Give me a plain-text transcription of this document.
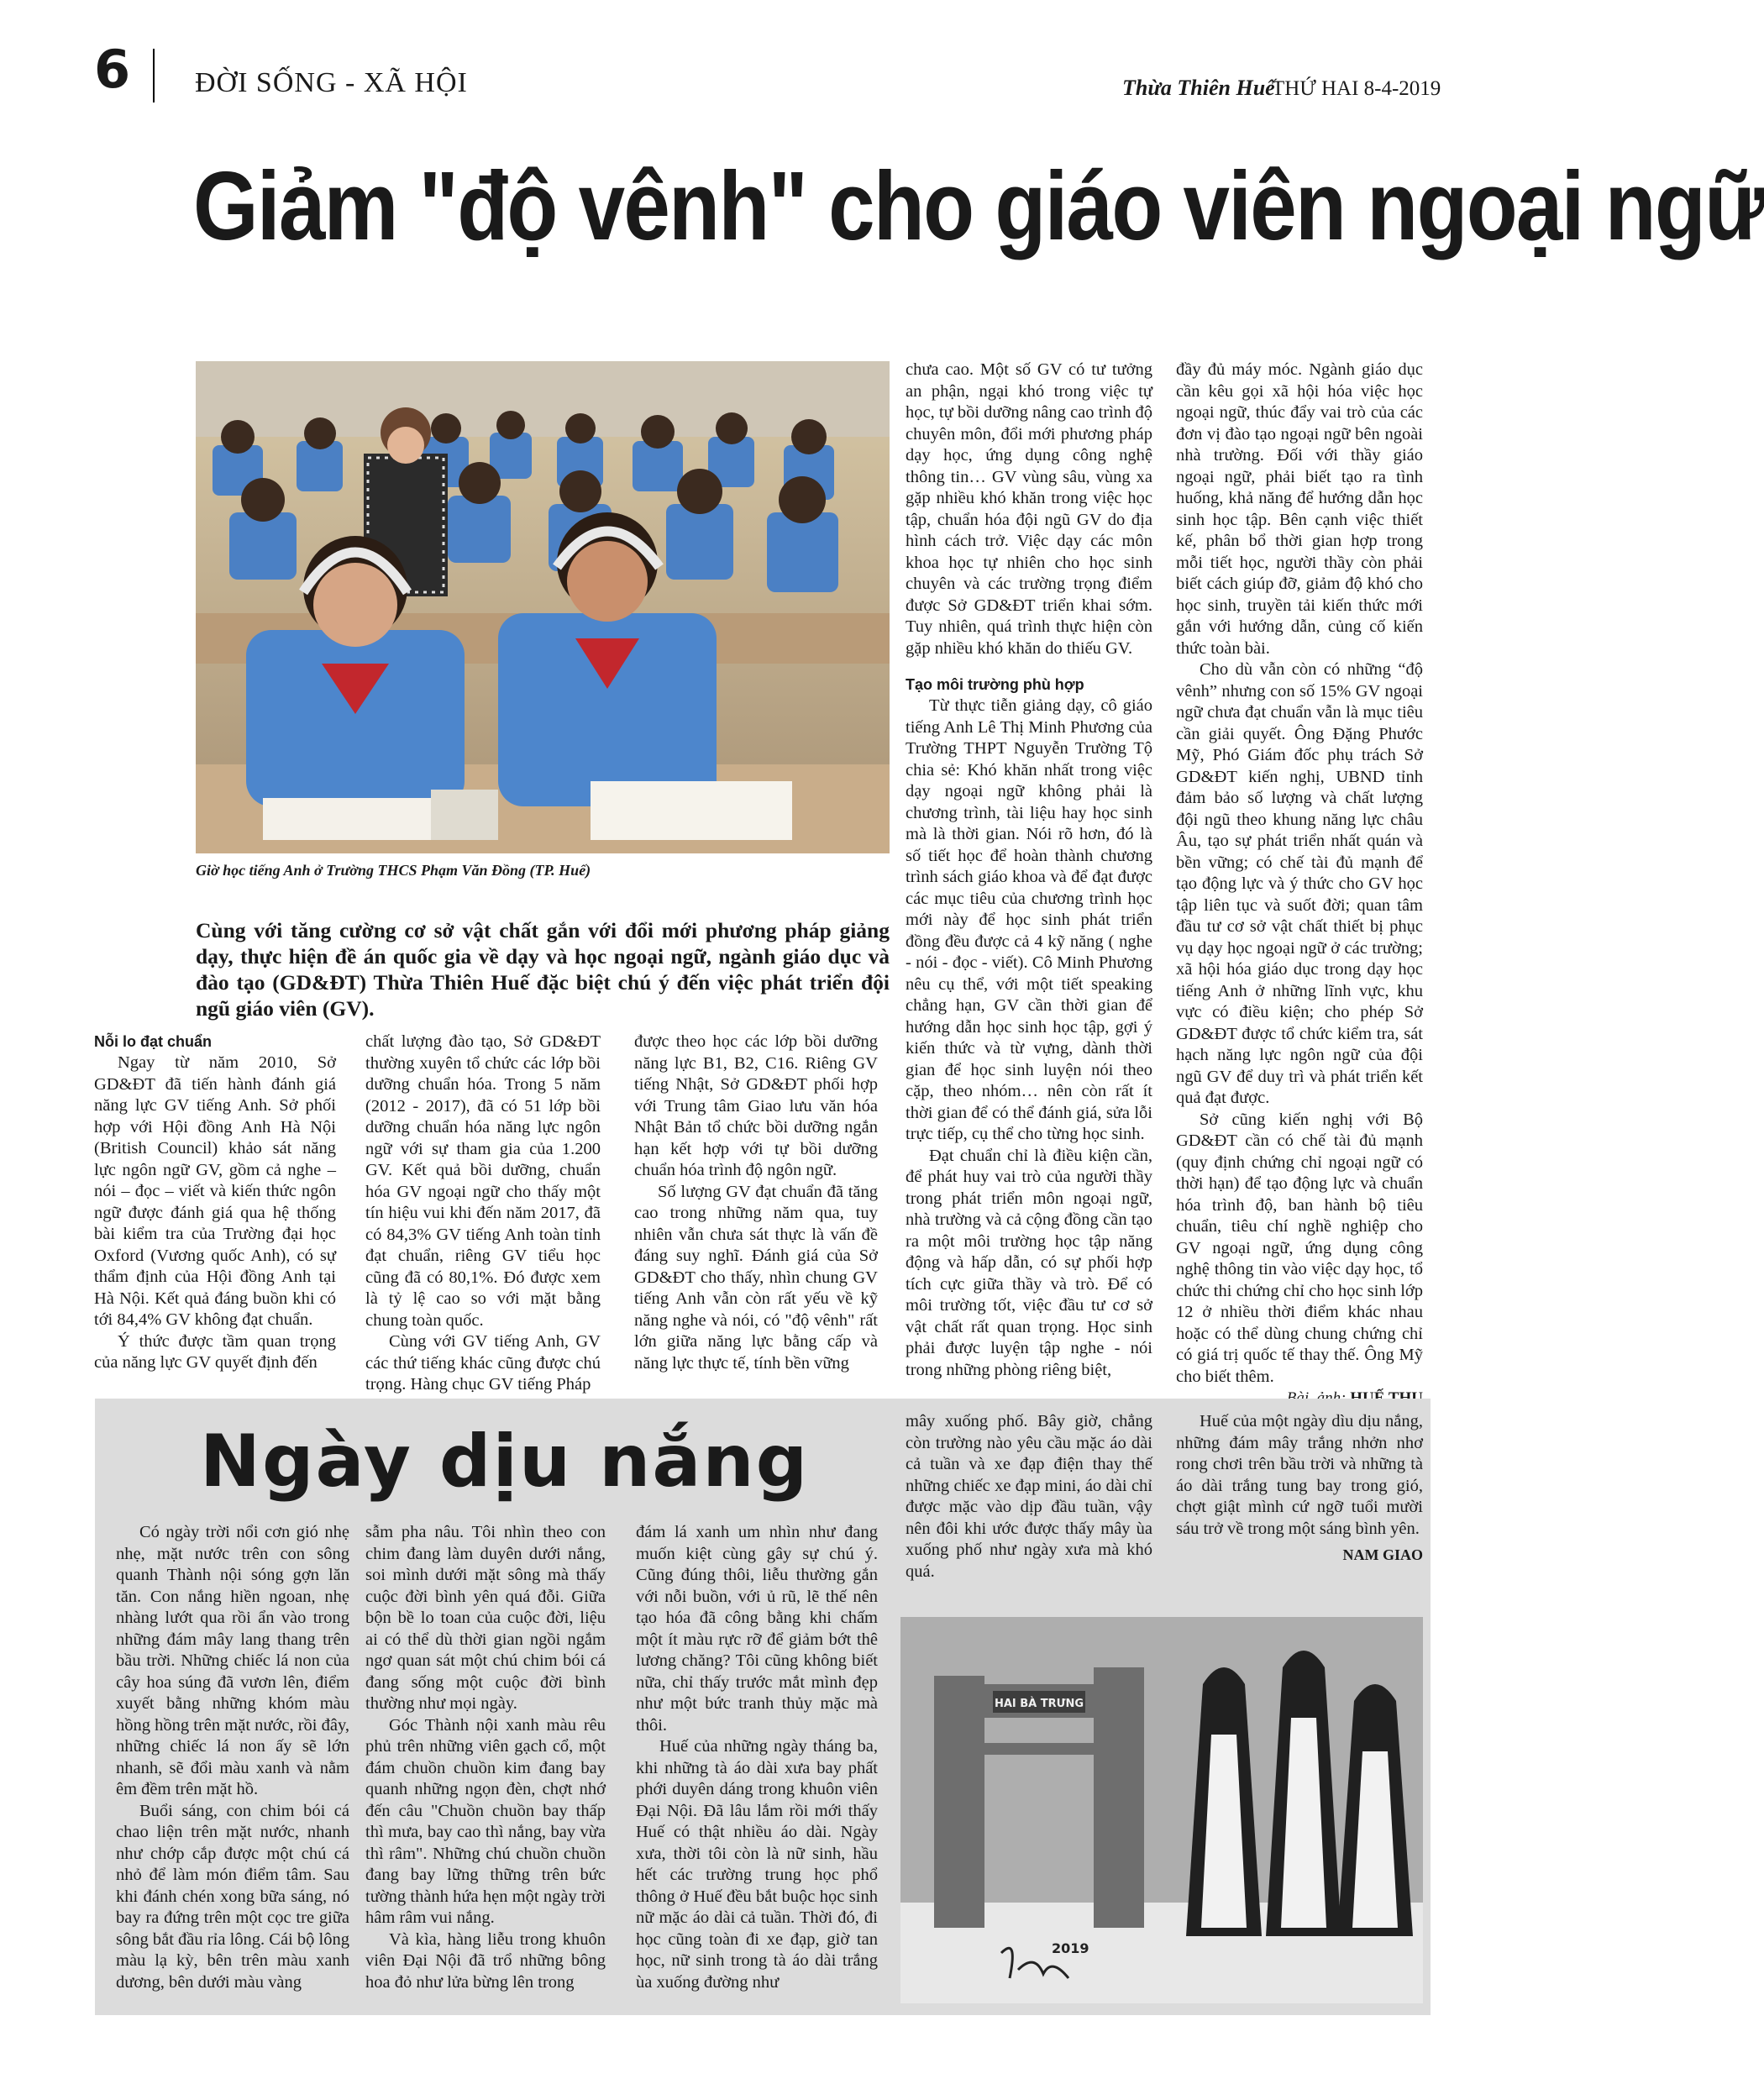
6 ĐỜI SỐNG - XÃ HỘI	Thừa Thiên Huế
THỨ HAI 8-4-2019
Giảm "độ vênh" cho giáo viên ngoại ngữ
Giờ học tiếng Anh ở Trường THCS Phạm Văn Đồng (TP. Huế)
Cùng với tăng cường cơ sở vật chất gắn với đổi mới phương pháp giảng dạy, thực hiện đề án quốc gia về dạy và học ngoại ngữ, ngành giáo dục và đào tạo (GD&ĐT) Thừa Thiên Huế đặc biệt chú ý đến việc phát triển đội ngũ giáo viên (GV).
Nỗi lo đạt chuẩn

Ngay từ năm 2010, Sở GD&ĐT đã tiến hành đánh giá năng lực GV tiếng Anh. Sở phối hợp với Hội đồng Anh Hà Nội (British Council) khảo sát năng lực ngôn ngữ GV, gồm cả nghe – nói – đọc – viết và kiến thức ngôn ngữ được đánh giá qua hệ thống bài kiểm tra của Trường đại học Oxford (Vương quốc Anh), có sự thẩm định của Hội đồng Anh tại Hà Nội. Kết quả đáng buồn khi có tới 84,4% GV không đạt chuẩn.

Ý thức được tầm quan trọng của năng lực GV quyết định đến

chất lượng đào tạo, Sở GD&ĐT thường xuyên tổ chức các lớp bồi dưỡng chuẩn hóa. Trong 5 năm (2012 - 2017), đã có 51 lớp bồi dưỡng chuẩn hóa năng lực ngôn ngữ với sự tham gia của 1.200 GV. Kết quả bồi dưỡng, chuẩn hóa GV ngoại ngữ cho thấy một tín hiệu vui khi đến năm 2017, đã có 84,3% GV tiếng Anh toàn tỉnh đạt chuẩn, riêng GV tiểu học cũng đã có 80,1%. Đó được xem là tỷ lệ cao so với mặt bằng chung toàn quốc.

Cùng với GV tiếng Anh, GV các thứ tiếng khác cũng được chú trọng. Hàng chục GV tiếng Pháp

được theo học các lớp bồi dưỡng năng lực B1, B2, C16. Riêng GV tiếng Nhật, Sở GD&ĐT phối hợp với Trung tâm Giao lưu văn hóa Nhật Bản tổ chức bồi dưỡng ngắn hạn kết hợp với tự bồi dưỡng chuẩn hóa trình độ ngôn ngữ.

Số lượng GV đạt chuẩn đã tăng cao trong những năm qua, tuy nhiên vẫn chưa sát thực là vấn đề đáng suy nghĩ. Đánh giá của Sở GD&ĐT cho thấy, nhìn chung GV tiếng Anh vẫn còn rất yếu về kỹ năng nghe và nói, có "độ vênh" rất lớn giữa năng lực bằng cấp và năng lực thực tế, tính bền vững

chưa cao. Một số GV có tư tưởng an phận, ngại khó trong việc tự học, tự bồi dưỡng nâng cao trình độ chuyên môn, đổi mới phương pháp dạy học, ứng dụng công nghệ thông tin… GV vùng sâu, vùng xa gặp nhiều khó khăn trong việc học tập, chuẩn hóa đội ngũ GV do địa hình cách trở. Việc dạy các môn khoa học tự nhiên cho học sinh chuyên và các trường trọng điểm được Sở GD&ĐT triển khai sớm. Tuy nhiên, quá trình thực hiện còn gặp nhiều khó khăn do thiếu GV.

Tạo môi trường phù hợp

Từ thực tiễn giảng dạy, cô giáo tiếng Anh Lê Thị Minh Phương của Trường THPT Nguyễn Trường Tộ chia sẻ: Khó khăn nhất trong việc dạy ngoại ngữ không phải là chương trình, tài liệu hay học sinh mà là thời gian. Nói rõ hơn, đó là số tiết học để hoàn thành chương trình sách giáo khoa và để đạt được các mục tiêu của chương trình học mới này để học sinh phát triển đồng đều được cả 4 kỹ năng ( nghe - nói - đọc - viết). Cô Minh Phương nêu cụ thể, với một tiết speaking chẳng hạn, GV cần thời gian để hướng dẫn học sinh học tập, gợi ý kiến thức và từ vựng, dành thời gian để học sinh luyện nói theo cặp, theo nhóm… nên còn rất ít thời gian để có thể đánh giá, sửa lỗi trực tiếp, cụ thể cho từng học sinh.

Đạt chuẩn chỉ là điều kiện cần, để phát huy vai trò của người thầy trong phát triển môn ngoại ngữ, nhà trường và cả cộng đồng cần tạo ra một môi trường học tập năng động và hấp dẫn, có sự phối hợp tích cực giữa thầy và trò. Để có môi trường tốt, việc đầu tư cơ sở vật chất rất quan trọng. Học sinh phải được luyện tập nghe - nói trong những phòng riêng biệt,

đầy đủ máy móc. Ngành giáo dục cần kêu gọi xã hội hóa việc học ngoại ngữ, thúc đẩy vai trò của các đơn vị đào tạo ngoại ngữ bên ngoài nhà trường. Đối với thầy giáo ngoại ngữ, phải biết tạo ra tình huống, khả năng để hướng dẫn học sinh học tập. Bên cạnh việc thiết kế, phân bổ thời gian hợp trong mỗi tiết học, người thầy còn phải biết cách giúp đỡ, giảm độ khó cho học sinh, truyền tải kiến thức mới gắn với hướng dẫn, củng cố kiến thức toàn bài.

Cho dù vẫn còn có những “độ vênh” nhưng con số 15% GV ngoại ngữ chưa đạt chuẩn vẫn là mục tiêu cần giải quyết. Ông Đặng Phước Mỹ, Phó Giám đốc phụ trách Sở GD&ĐT kiến nghị, UBND tỉnh đảm bảo số lượng và chất lượng đội ngũ theo khung năng lực châu Âu, tạo sự phát triển nhất quán và bền vững; có chế tài đủ mạnh để tạo động lực và ý thức cho GV học tập liên tục và suốt đời; quan tâm đầu tư cơ sở vật chất thiết bị phục vụ dạy học ngoại ngữ ở các trường; xã hội hóa giáo dục trong dạy học tiếng Anh ở những lĩnh vực, khu vực có điều kiện; cho phép Sở GD&ĐT được tổ chức kiểm tra, sát hạch năng lực ngôn ngữ của đội ngũ GV để duy trì và phát triển kết quả đạt được.

Sở cũng kiến nghị với Bộ GD&ĐT cần có chế tài đủ mạnh (quy định chứng chỉ ngoại ngữ có thời hạn) để tạo động lực và chuẩn hóa trình độ, ban hành bộ tiêu chuẩn, tiêu chí nghề nghiệp cho GV ngoại ngữ, ứng dụng công nghệ thông tin vào việc dạy học, tổ chức thi chứng chỉ cho học sinh lớp 12 ở nhiều thời điểm khác nhau hoặc có thể dùng chung chứng chỉ có giá trị quốc tế thay thế. Ông Mỹ cho biết thêm.

Ngày dịu nắng

Có ngày trời nổi cơn gió nhẹ nhẹ, mặt nước trên con sông quanh Thành nội sóng gợn lăn tăn. Con nắng hiền ngoan, nhẹ nhàng lướt qua rồi ẩn vào trong những đám mây lang thang trên bầu trời. Những chiếc lá non của cây hoa súng đã vươn lên, điểm xuyết bằng những khóm màu hồng hồng trên mặt nước, rồi đây, những chiếc lá non ấy sẽ lớn nhanh, sẽ đổi màu xanh và nằm êm đềm trên mặt hồ.

Buổi sáng, con chim bói cá chao liện trên mặt nước, nhanh như chớp cắp được một chú cá nhỏ để làm món điểm tâm. Sau khi đánh chén xong bữa sáng, nó bay ra đứng trên một cọc tre giữa sông bắt đầu rỉa lông. Cái bộ lông màu lạ kỳ, bên trên màu xanh dương, bên dưới màu vàng

sẫm pha nâu. Tôi nhìn theo con chim đang làm duyên dưới nắng, soi mình dưới mặt sông mà thấy cuộc đời bình yên quá đỗi. Giữa bộn bề lo toan của cuộc đời, liệu ai có thể dù thời gian ngồi ngắm ngơ quan sát một chú chim bói cá đang sống một cuộc đời bình thường như mọi ngày.

Góc Thành nội xanh màu rêu phủ trên những viên gạch cổ, một đám chuồn chuồn kim đang bay quanh những ngọn đèn, chợt nhớ đến câu "Chuồn chuồn bay thấp thì mưa, bay cao thì nắng, bay vừa thì râm". Những chú chuồn chuồn đang bay lững thững trên bức tường thành hứa hẹn một ngày trời hâm râm vui nắng.

Và kìa, hàng liễu trong khuôn viên Đại Nội đã trổ những bông hoa đỏ như lửa bừng lên trong

đám lá xanh um nhìn như đang muốn kiệt cùng gây sự chú ý. Cũng đúng thôi, liễu thường gắn với nỗi buồn, với ủ rũ, lẽ thế nên tạo hóa đã công bằng khi chấm một ít màu rực rỡ để giảm bớt thê lương chăng? Tôi cũng không biết nữa, chỉ thấy trước mắt mình đẹp như một bức tranh thủy mặc mà thôi.

Huế của những ngày tháng ba, khi những tà áo dài xưa bay phất phới duyên dáng trong khuôn viên Đại Nội. Đã lâu lắm rồi mới thấy Huế có thật nhiều áo dài. Ngày xưa, thời tôi còn là nữ sinh, hầu hết các trường trung học phổ thông ở Huế đều bắt buộc học sinh nữ mặc áo dài cả tuần. Thời đó, đi học cũng toàn đi xe đạp, giờ tan học, nữ sinh trong tà áo dài trắng ùa xuống đường như

mây xuống phố. Bây giờ, chẳng còn trường nào yêu cầu mặc áo dài cả tuần và xe đạp điện thay thế những chiếc xe đạp mini, áo dài chỉ được mặc vào dịp đầu tuần, vậy nên đôi khi ước được thấy mây ùa xuống phố như ngày xưa mà khó quá.

Huế của một ngày dìu dịu nắng, những đám mây trắng nhởn nhơ rong chơi trên bầu trời và những tà áo dài trắng tung bay trong gió, chợt giật mình cứ ngỡ tuổi mười sáu trở về trong một sáng bình yên.

NAM GIAO
HAI BÀ TRƯNG
2019
